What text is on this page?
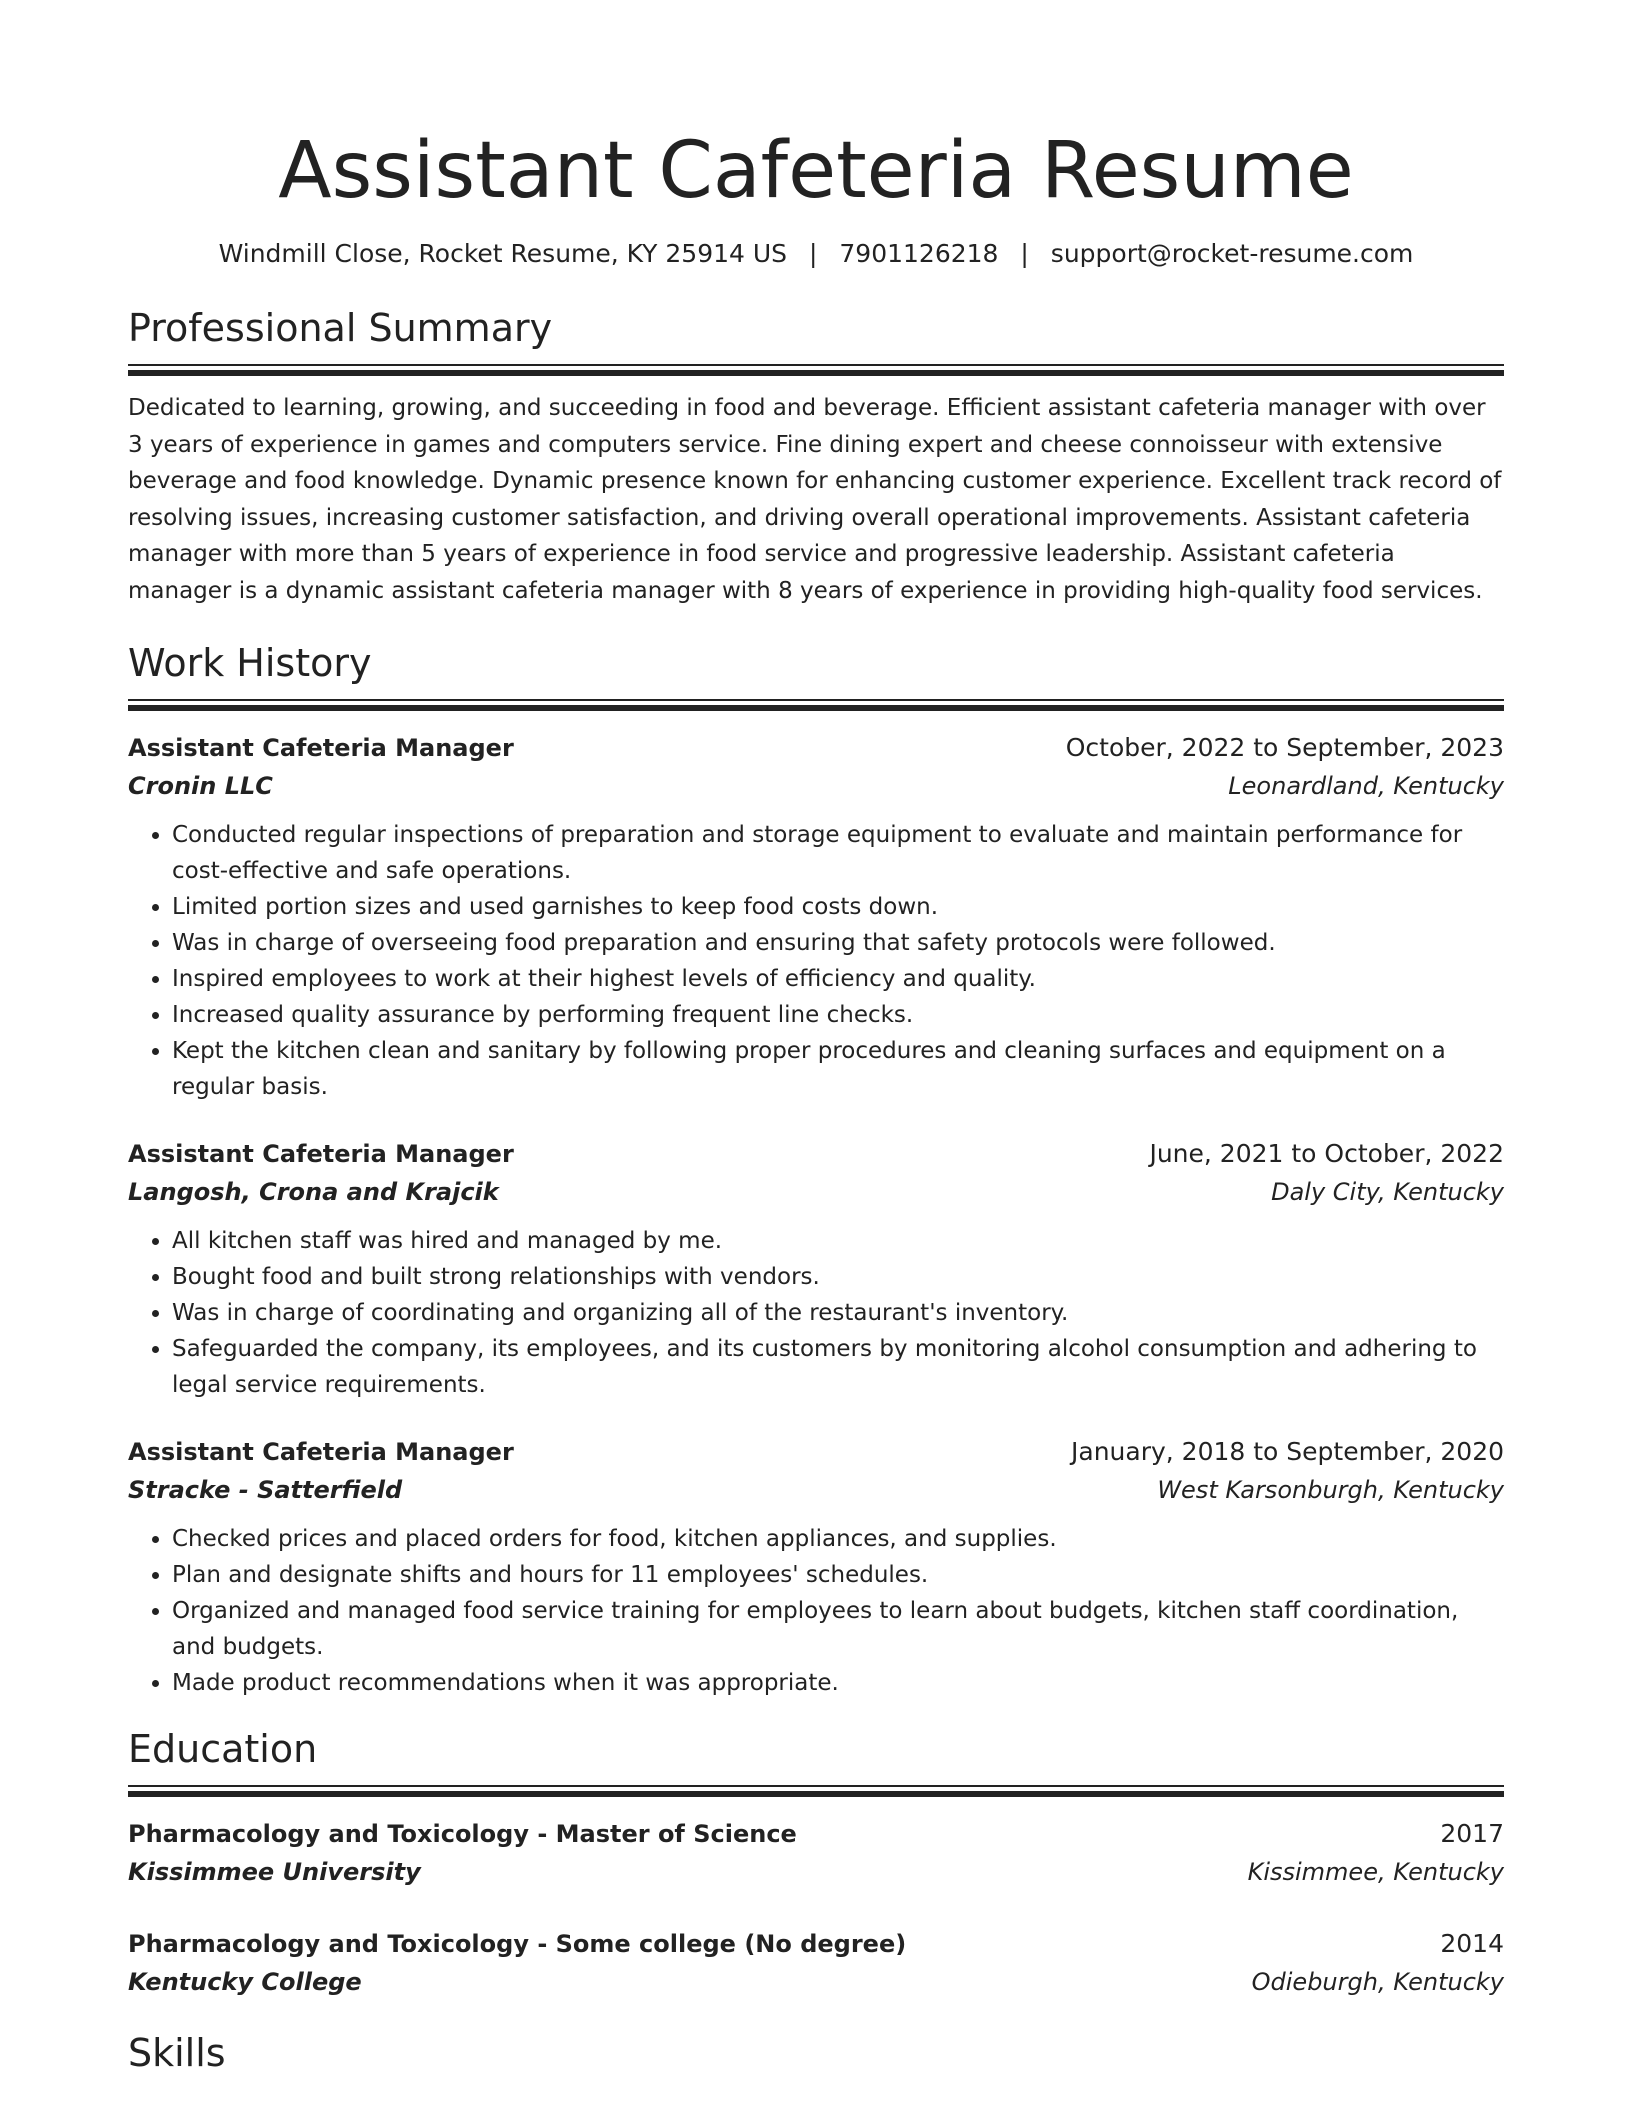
Assistant Cafeteria Resume
Windmill Close, Rocket Resume, KY 25914 US | 7901126218 | support@rocket-resume.com
Professional Summary
Dedicated to learning, growing, and succeeding in food and beverage. Efficient assistant cafeteria manager with over 3 years of experience in games and computers service. Fine dining expert and cheese connoisseur with extensive beverage and food knowledge. Dynamic presence known for enhancing customer experience. Excellent track record of resolving issues, increasing customer satisfaction, and driving overall operational improvements. Assistant cafeteria manager with more than 5 years of experience in food service and progressive leadership. Assistant cafeteria manager is a dynamic assistant cafeteria manager with 8 years of experience in providing high-quality food services.
Work History
Assistant Cafeteria Manager	October, 2022 to September, 2023
Cronin LLC	Leonardland, Kentucky
• Conducted regular inspections of preparation and storage equipment to evaluate and maintain performance for cost-effective and safe operations.
• Limited portion sizes and used garnishes to keep food costs down.
• Was in charge of overseeing food preparation and ensuring that safety protocols were followed.
• Inspired employees to work at their highest levels of efficiency and quality.
• Increased quality assurance by performing frequent line checks.
• Kept the kitchen clean and sanitary by following proper procedures and cleaning surfaces and equipment on a regular basis.
Assistant Cafeteria Manager	June, 2021 to October, 2022
Langosh, Crona and Krajcik	Daly City, Kentucky
• All kitchen staff was hired and managed by me.
• Bought food and built strong relationships with vendors.
• Was in charge of coordinating and organizing all of the restaurant's inventory.
• Safeguarded the company, its employees, and its customers by monitoring alcohol consumption and adhering to legal service requirements.
Assistant Cafeteria Manager	January, 2018 to September, 2020
Stracke - Satterfield	West Karsonburgh, Kentucky
• Checked prices and placed orders for food, kitchen appliances, and supplies.
• Plan and designate shifts and hours for 11 employees' schedules.
• Organized and managed food service training for employees to learn about budgets, kitchen staff coordination, and budgets.
• Made product recommendations when it was appropriate.
Education
Pharmacology and Toxicology - Master of Science	2017
Kissimmee University	Kissimmee, Kentucky
Pharmacology and Toxicology - Some college (No degree)	2014
Kentucky College	Odieburgh, Kentucky
Skills
